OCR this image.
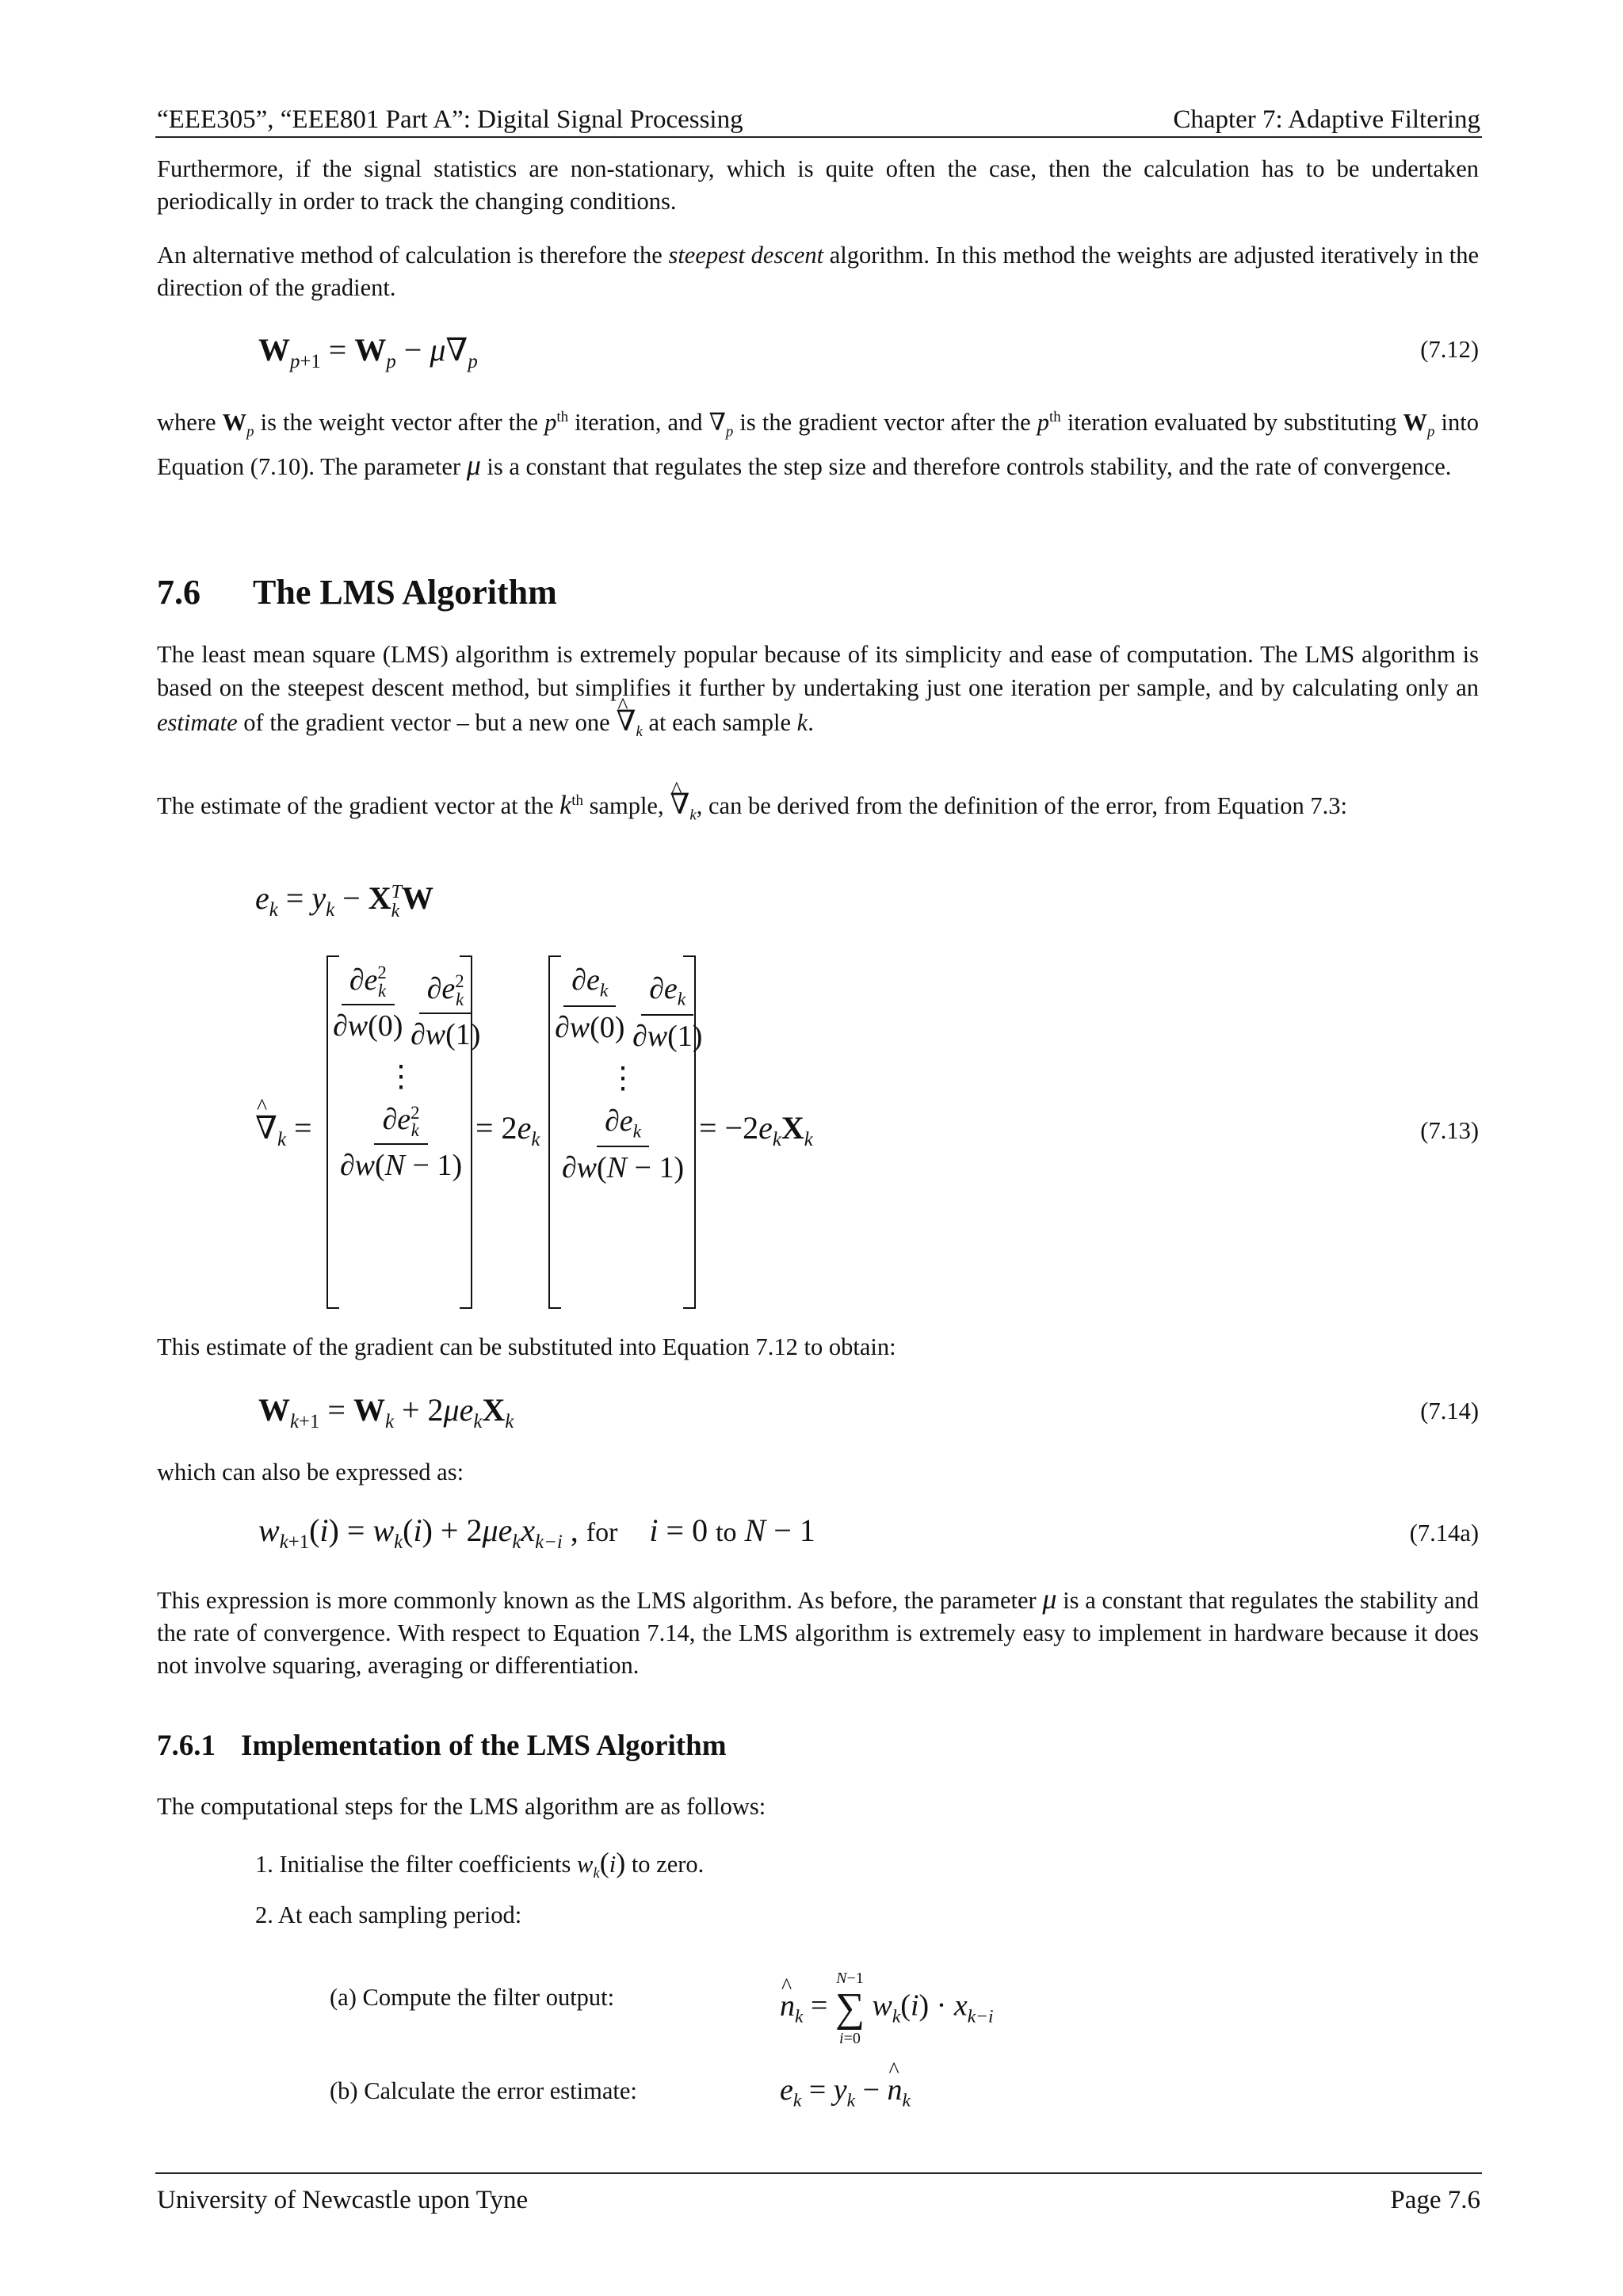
“EEE305”, “EEE801 Part A”: Digital Signal Processing	Chapter 7: Adaptive Filtering
Furthermore, if the signal statistics are non-stationary, which is quite often the case, then the calculation has to be undertaken periodically in order to track the changing conditions.
An alternative method of calculation is therefore the steepest descent algorithm. In this method the weights are adjusted iteratively in the direction of the gradient.
$W_{p+1} = W_p - \mu\nabla_p$	(7.12)
where $W_p$ is the weight vector after the $p^{th}$ iteration, and $\nabla_p$ is the gradient vector after the $p^{th}$ iteration evaluated by substituting $W_p$ into Equation (7.10). The parameter μ is a constant that regulates the step size and therefore controls stability, and the rate of convergence.
7.6 The LMS Algorithm
The least mean square (LMS) algorithm is extremely popular because of its simplicity and ease of computation. The LMS algorithm is based on the steepest descent method, but simplifies it further by undertaking just one iteration per sample, and by calculating only an estimate of the gradient vector – but a new one ^ $\nabla_k$ at each sample k.
The estimate of the gradient vector at the $k^{th}$ sample, ^ $\nabla_k$, can be derived from the definition of the error, from Equation 7.3:
$e_k = y_k - X$ T
k W
^ $\nabla_k$ =
∂e 2
k
∂w(0)
∂e 2
k
∂w(1)
⋮
∂e 2
k
$\partial w(N - 1) = 2e_k$
$\frac{\partial e_k}{\partial w(0)}$
$\frac{\partial e_k}{\partial w(1)}$
⋮
$\frac{\partial e_k}{\partial w(N - 1)} = -2e_kX_k$	(7.13)
This estimate of the gradient can be substituted into Equation 7.12 to obtain:
$W_{k+1} = W_k + 2\mu e_kX_k$	(7.14)
which can also be expressed as:
$w_{k+1}(i) = w_k(i) + 2\mu e_kx_{k-i}$ , for i = 0 to N − 1	(7.14a)
This expression is more commonly known as the LMS algorithm. As before, the parameter μ is a constant that regulates the stability and the rate of convergence. With respect to Equation 7.14, the LMS algorithm is extremely easy to implement in hardware because it does not involve squaring, averaging or differentiation.
7.6.1 Implementation of the LMS Algorithm
The computational steps for the LMS algorithm are as follows:
1. Initialise the filter coefficients $w_k(i)$ to zero.
2. At each sampling period:
(a) Compute the filter output:
^	$n_k$ =
N−1
∑
i=0
$w_k(i) \cdot x_{k-i}$
(b) Calculate the error estimate:	$e_k = y_k$ − ^ $n_k$
University of Newcastle upon Tyne	Page 7.6
